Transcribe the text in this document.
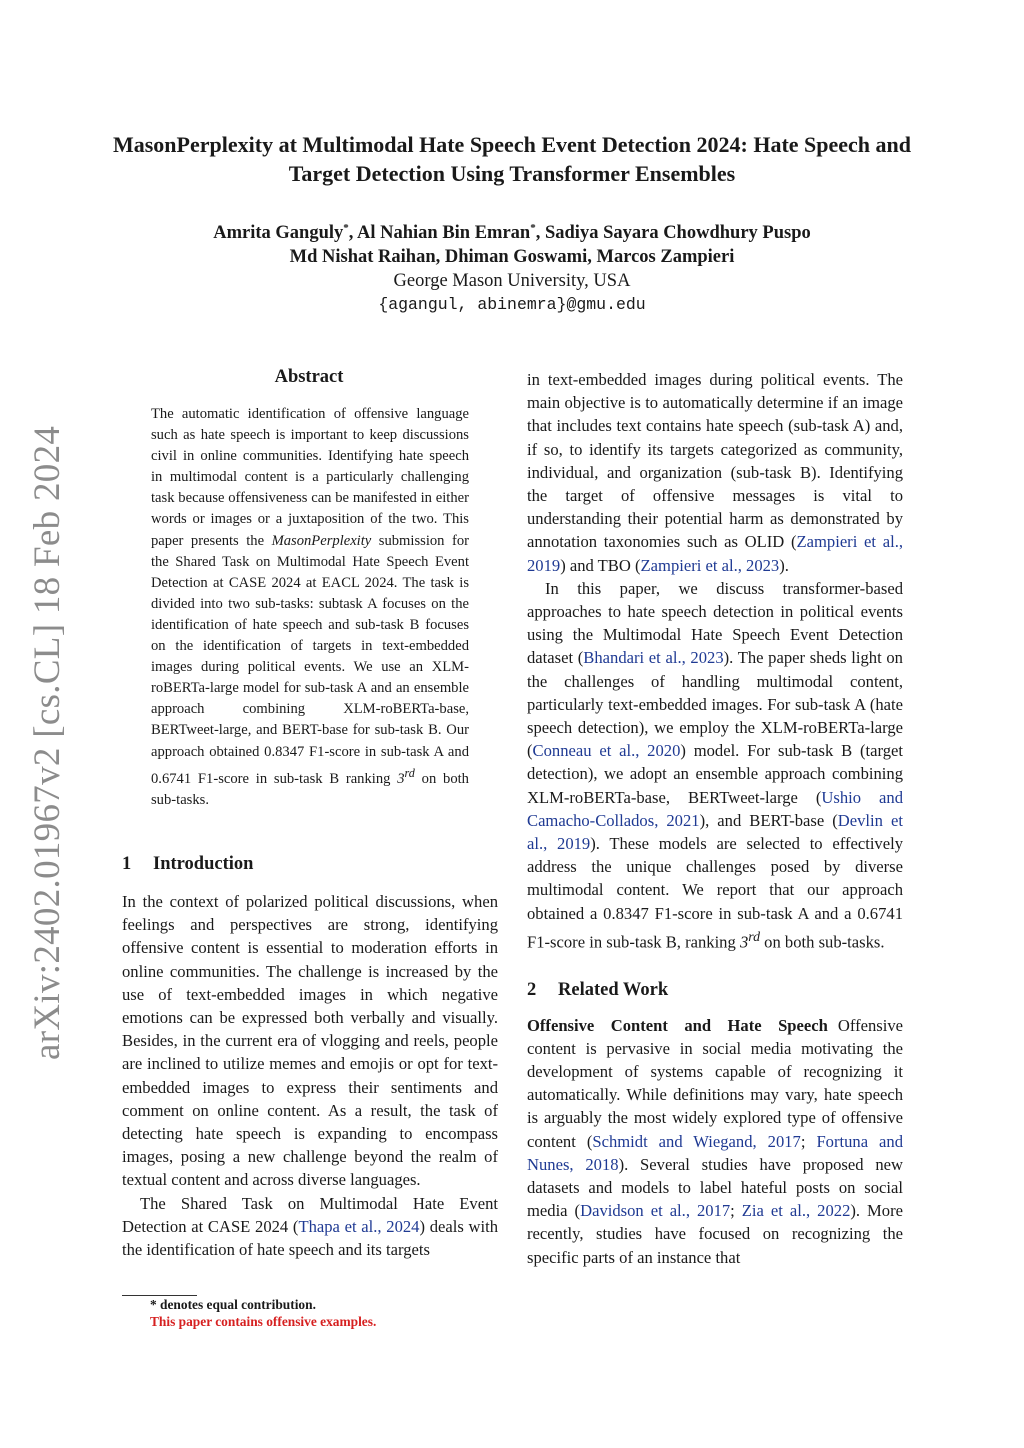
arXiv:2402.01967v2 [cs.CL] 18 Feb 2024
MasonPerplexity at Multimodal Hate Speech Event Detection 2024: Hate Speech and Target Detection Using Transformer Ensembles
Amrita Ganguly*, Al Nahian Bin Emran*, Sadiya Sayara Chowdhury Puspo
Md Nishat Raihan, Dhiman Goswami, Marcos Zampieri
George Mason University, USA
{agangul, abinemra}@gmu.edu
Abstract

The automatic identification of offensive language such as hate speech is important to keep discussions civil in online communities. Identifying hate speech in multimodal content is a particularly challenging task because offensiveness can be manifested in either words or images or a juxtaposition of the two. This paper presents the MasonPerplexity submission for the Shared Task on Multimodal Hate Speech Event Detection at CASE 2024 at EACL 2024. The task is divided into two sub-tasks: subtask A focuses on the identification of hate speech and sub-task B focuses on the identification of targets in text-embedded images during political events. We use an XLM-roBERTa-large model for sub-task A and an ensemble approach combining XLM-roBERTa-base, BERTweet-large, and BERT-base for sub-task B. Our approach obtained 0.8347 F1-score in sub-task A and 0.6741 F1-score in sub-task B ranking 3rd on both sub-tasks.

1 Introduction

In the context of polarized political discussions, when feelings and perspectives are strong, identifying offensive content is essential to moderation efforts in online communities. The challenge is increased by the use of text-embedded images in which negative emotions can be expressed both verbally and visually. Besides, in the current era of vlogging and reels, people are inclined to utilize memes and emojis or opt for text-embedded images to express their sentiments and comment on online content. As a result, the task of detecting hate speech is expanding to encompass images, posing a new challenge beyond the realm of textual content and across diverse languages.

The Shared Task on Multimodal Hate Event Detection at CASE 2024 (Thapa et al., 2024) deals with the identification of hate speech and its targets

in text-embedded images during political events. The main objective is to automatically determine if an image that includes text contains hate speech (sub-task A) and, if so, to identify its targets categorized as community, individual, and organization (sub-task B). Identifying the target of offensive messages is vital to understanding their potential harm as demonstrated by annotation taxonomies such as OLID (Zampieri et al., 2019) and TBO (Zampieri et al., 2023).

In this paper, we discuss transformer-based approaches to hate speech detection in political events using the Multimodal Hate Speech Event Detection dataset (Bhandari et al., 2023). The paper sheds light on the challenges of handling multimodal content, particularly text-embedded images. For sub-task A (hate speech detection), we employ the XLM-roBERTa-large (Conneau et al., 2020) model. For sub-task B (target detection), we adopt an ensemble approach combining XLM-roBERTa-base, BERTweet-large (Ushio and Camacho-Collados, 2021), and BERT-base (Devlin et al., 2019). These models are selected to effectively address the unique challenges posed by diverse multimodal content. We report that our approach obtained a 0.8347 F1-score in sub-task A and a 0.6741 F1-score in sub-task B, ranking 3rd on both sub-tasks.

2 Related Work

Offensive Content and Hate Speech Offensive content is pervasive in social media motivating the development of systems capable of recognizing it automatically. While definitions may vary, hate speech is arguably the most widely explored type of offensive content (Schmidt and Wiegand, 2017; Fortuna and Nunes, 2018). Several studies have proposed new datasets and models to label hateful posts on social media (Davidson et al., 2017; Zia et al., 2022). More recently, studies have focused on recognizing the specific parts of an instance that

* denotes equal contribution.
This paper contains offensive examples.
